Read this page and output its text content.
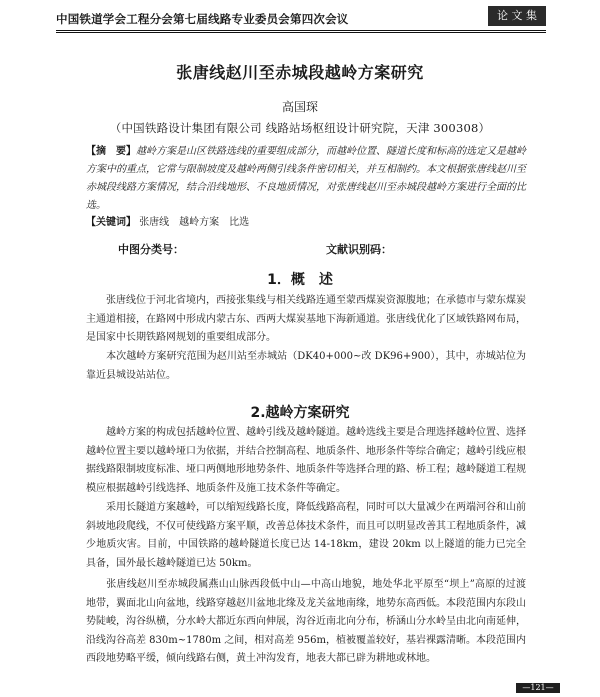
中国铁道学会工程分会第七届线路专业委员会第四次会议	论 文 集
张唐线赵川至赤城段越岭方案研究
高国琛
（中国铁路设计集团有限公司 线路站场枢纽设计研究院，天津 300308）
【摘　要】越岭方案是山区铁路选线的重要组成部分，而越岭位置、隧道长度和标高的选定又是越岭方案中的重点，它常与限制坡度及越岭两侧引线条件密切相关，并互相制约。本文根据张唐线赵川至赤城段线路方案情况，结合沿线地形、不良地质情况，对张唐线赵川至赤城段越岭方案进行全面的比选。
【关键词】 张唐线　越岭方案　比选
中图分类号：	文献识别码：
1．概　述
张唐线位于河北省境内，西接张集线与相关线路连通至蒙西煤炭资源腹地；在承德市与蒙东煤炭主通道相接，在路网中形成内蒙古东、西两大煤炭基地下海新通道。张唐线优化了区域铁路网布局，是国家中长期铁路网规划的重要组成部分。
本次越岭方案研究范围为赵川站至赤城站（DK40+000~改 DK96+900），其中，赤城站位为靠近县城设站站位。
2.越岭方案研究
越岭方案的构成包括越岭位置、越岭引线及越岭隧道。越岭选线主要是合理选择越岭位置、选择越岭位置主要以越岭垭口为依据，并结合控制高程、地质条件、地形条件等综合确定；越岭引线应根据线路限制坡度标准、垭口两侧地形地势条件、地质条件等选择合理的路、桥工程；越岭隧道工程规模应根据越岭引线选择、地质条件及施工技术条件等确定。
采用长隧道方案越岭，可以缩短线路长度，降低线路高程，同时可以大量减少在两端河谷和山前斜坡地段爬线，不仅可使线路方案平顺，改善总体技术条件，而且可以明显改善其工程地质条件，减少地质灾害。目前，中国铁路的越岭隧道长度已达 14-18km，建设 20km 以上隧道的能力已完全具备，国外最长越岭隧道已达 50km。
张唐线赵川至赤城段属燕山山脉西段低中山—中高山地貌，地处华北平原至“坝上”高原的过渡地带，翼面北山向盆地，线路穿越赵川盆地北缘及龙关盆地南缘，地势东高西低。本段范围内东段山势陡峻，沟谷纵横，分水岭大都近东西向伸展，沟谷近南北向分布，桥涵山分水岭呈由北向南延伸，沿线沟谷高差 830m~1780m 之间，相对高差 956m，植被覆盖较好，基岩裸露清晰。本段范围内西段地势略平缓，倾向线路右侧，黄土冲沟发育，地表大都已辟为耕地或林地。
—121—
